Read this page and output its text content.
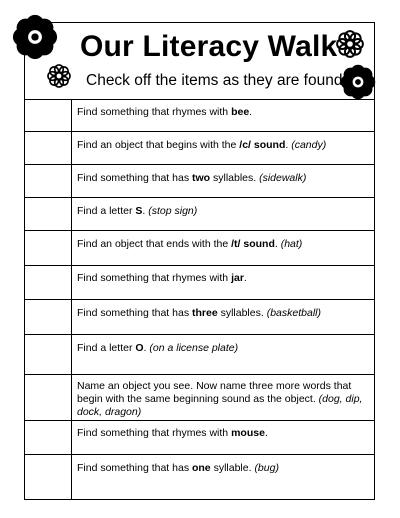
Our Literacy Walk
Check off the items as they are found.
Find something that rhymes with bee.
Find an object that begins with the /c/ sound. (candy)
Find something that has two syllables. (sidewalk)
Find a letter S. (stop sign)
Find an object that ends with the /t/ sound. (hat)
Find something that rhymes with jar.
Find something that has three syllables. (basketball)
Find a letter O. (on a license plate)
Name an object you see. Now name three more words that begin with the same beginning sound as the object. (dog, dip, dock, dragon)
Find something that rhymes with mouse.
Find something that has one syllable. (bug)
